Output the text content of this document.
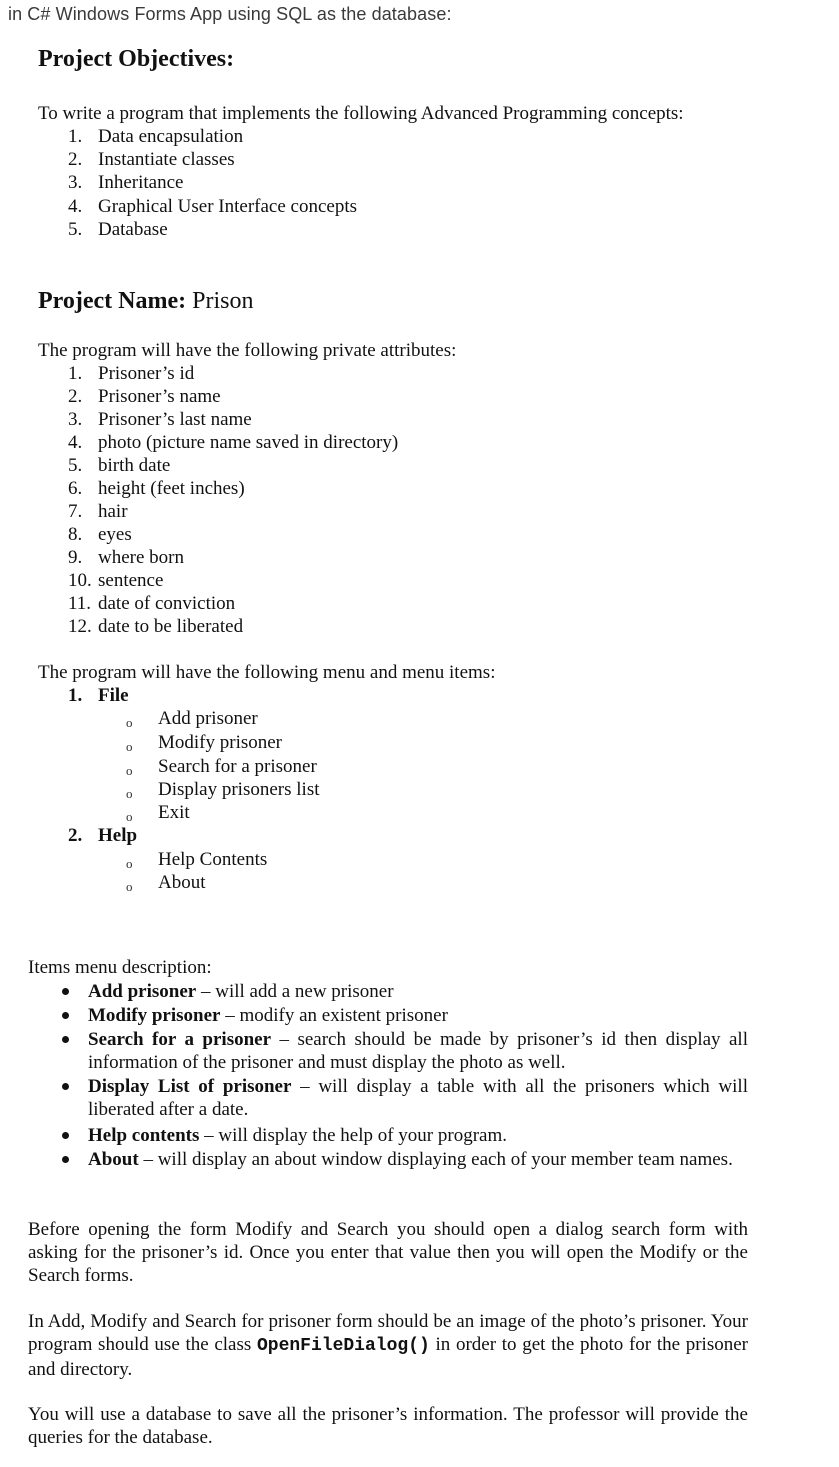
in C# Windows Forms App using SQL as the database:
Project Objectives:
To write a program that implements the following Advanced Programming concepts:
1. Data encapsulation
2. Instantiate classes
3. Inheritance
4. Graphical User Interface concepts
5. Database
Project Name: Prison
The program will have the following private attributes:
1. Prisoner’s id
2. Prisoner’s name
3. Prisoner’s last name
4. photo (picture name saved in directory)
5. birth date
6. height (feet inches)
7. hair
8. eyes
9. where born
10. sentence
11. date of conviction
12. date to be liberated
The program will have the following menu and menu items:
1. File
o Add prisoner
o Modify prisoner
o Search for a prisoner
o Display prisoners list
o Exit
2. Help
o Help Contents
o About
Items menu description:
Add prisoner – will add a new prisoner
Modify prisoner – modify an existent prisoner
Search for a prisoner – search should be made by prisoner’s id then display all information of the prisoner and must display the photo as well.
Display List of prisoner – will display a table with all the prisoners which will liberated after a date.
Help contents – will display the help of your program.
About – will display an about window displaying each of your member team names.
Before opening the form Modify and Search you should open a dialog search form with asking for the prisoner’s id. Once you enter that value then you will open the Modify or the Search forms.
In Add, Modify and Search for prisoner form should be an image of the photo’s prisoner. Your program should use the class OpenFileDialog() in order to get the photo for the prisoner and directory.
You will use a database to save all the prisoner’s information. The professor will provide the queries for the database.
